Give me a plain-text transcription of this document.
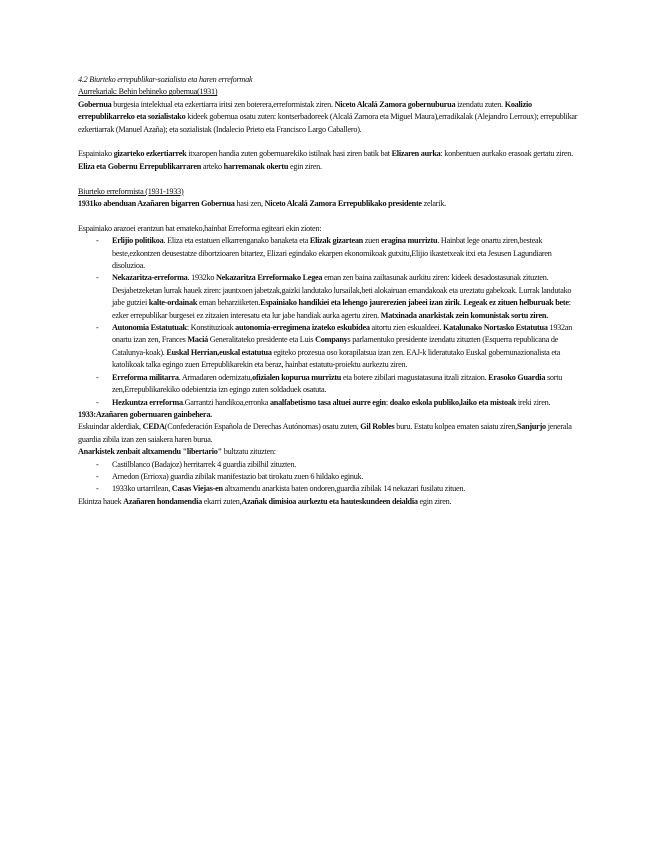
4.2 Biurteko errepublikar-sozialista eta haren erreformak

Aurrekariak: Behin behineko gobernua(1931)

Gobernua burgesia intelektual eta ezkertiarra iritsi zen boterera,erreformistak ziren. Niceto Alcalá Zamora gobernuburua izendatu zuten. Koalizio errepublikarreko eta sozialistako kideek gobernua osatu zuten: kontserbadoreek (Alcalá Zamora eta Miguel Maura),erradikalak (Alejandro Lerroux); errepublikar ezkertiarrak (Manuel Azaña); eta sozialistak (Indalecio Prieto eta Francisco Largo Caballero).

Espainiako gizarteko ezkertiarrek itxaropen handia zuten gobernuarekiko istilnak hasi ziren batik bat Elizaren aurka: konbentuen aurkako erasoak gertatu ziren. Eliza eta Gobernu Errepublikarraren arteko harremanak okertu egin ziren.

Biurteko erreformista (1931-1933)

1931ko abenduan Azañaren bigarren Gobernua hasi zen, Niceto Alcalá Zamora Errepublikako presidente zelarik.

Espainiako arazoei erantzun bat emateko,hainbat Erreforma egiteari ekin zioten:

- Erlijio politikoa. Eliza eta estatuen elkarrenganako banaketa eta Elizak gizartean zuen eragina murriztu. Hainbat lege onartu ziren,besteak beste,ezkontzen deusestatze dibortzioaren bitartez, Elizari egindako ekarpen ekonomikoak gutxitu,Elijio ikastetxeak itxi eta Jesusen Lagundiaren disoluzioa.
- Nekazaritza-erreforma. 1932ko Nekazaritza Erreformako Legea eman zen baina zailtasunak aurkitu ziren: kideek desadostasunak zituzten. Desjabetzeketan lurrak hauek ziren: jauntxoen jabetzak,gaizki landutako lursailak,beti alokairuan emandakoak eta ureztatu gabekoak. Lurrak landutako jabe gutziei kalte-ordainak eman beharziiketen.Espainiako handikiei eta lehengo jaurerezien jabeei izan zirik. Legeak ez zituen helburuak bete: ezker errepublikar burgesei ez zitzaien interesatu eta lur jabe handiak aurka agertu ziren. Matxinada anarkistak zein komunistak sortu ziren.
- Autonomia Estatutuak: Konstituzioak autonomia-erregimena izateko eskubidea aitortu zien eskualdeei. Katalunako Nortasko Estatutua 1932an onartu izan zen, Frances Maciá Generalitateko presidente eta Luis Companys parlamentuko presidente izendatu zituzten (Esquerra republicana de Catalunya-koak). Euskal Herrian,euskal estatutua egiteko prozesua oso korapilatsua izan zen. EAJ-k lideratutako Euskal gobernunazionalista eta katolikoak talka egingo zuen Errepublikarekin eta beraz, hainbat estatutu-proiektu aurkeztu ziren.
- Erreforma militarra. Armadaren odernizatu,ofizialen kopurua murriztu eta botere zibilari magustatasuna itzali zitzaion. Erasoko Guardia sortu zen,Errepublikarekiko odebientzia izn egingo zuten soldaduek osatuta.
- Hezkuntza erreforma.Garrantzi handikoa,erronka analfabetismo tasa altuei aurre egin: doako eskola publiko,laiko eta mistoak ireki ziren.

1933:Azañaren gobernuaren gainbehera.

Eskuindar alderdiak, CEDA(Confederación Española de Derechas Autónomas) osatu zuten, Gil Robles buru. Estatu kolpea ematen saiatu ziren,Sanjurjo jenerala guardia zibila izan zen saiakera haren burua.

Anarkistek zenbait altxamendu "libertario" bultzatu zituzten:

- Castilblanco (Badajoz) herritarrek 4 guardia zibilhil zituzten.
- Arnedon (Errioxa) guardia zibilak manifestazio bat tirokatu zuen 6 hildako eginuk.
- 1933ko urtarrilean, Casas Viejas-en altxamendu anarkista baten ondoren,guardia zibilak 14 nekazari fusilatu zituen.

Ekintza hauek Azañaren hondamendia ekarri zuten,Azañak dimisioa aurkeztu eta hauteskundeen deialdia egin ziren.
